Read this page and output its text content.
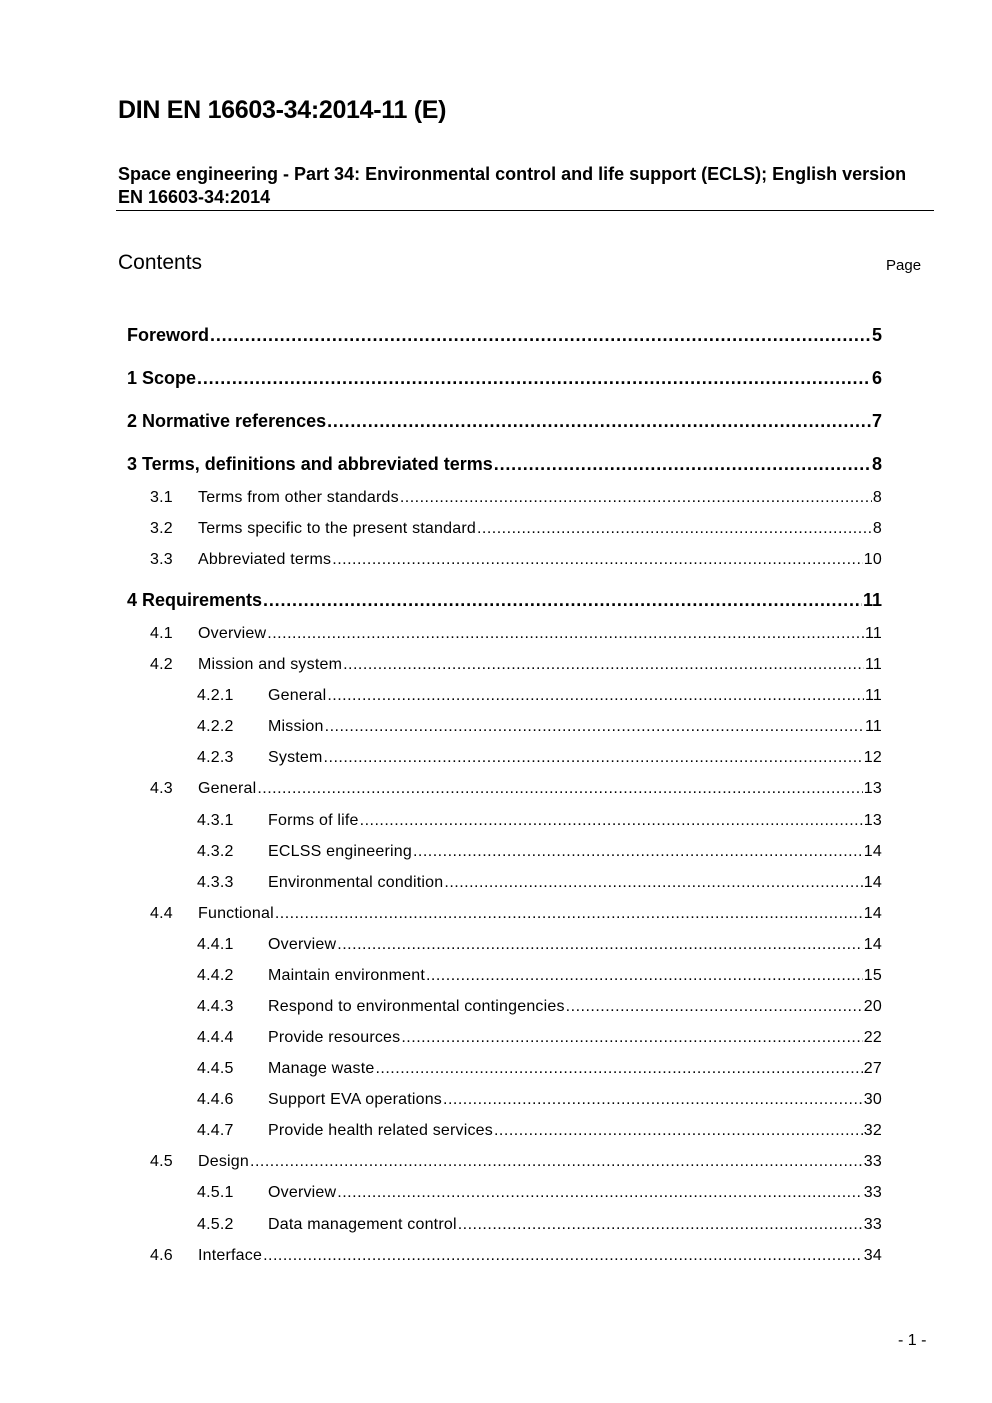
DIN EN 16603-34:2014-11 (E)
Space engineering - Part 34: Environmental control and life support (ECLS); English version EN 16603-34:2014
Contents	Page
Foreword .....	5
1 Scope .....	6
2 Normative references .....	7
3 Terms, definitions and abbreviated terms .....	8
3.1 Terms from other standards .....	8
3.2 Terms specific to the present standard .....	8
3.3 Abbreviated terms .....	10
4 Requirements .....	11
4.1 Overview .....	11
4.2 Mission and system .....	11
4.2.1 General .....	11
4.2.2 Mission .....	11
4.2.3 System .....	12
4.3 General .....	13
4.3.1 Forms of life .....	13
4.3.2 ECLSS engineering .....	14
4.3.3 Environmental condition .....	14
4.4 Functional .....	14
4.4.1 Overview .....	14
4.4.2 Maintain environment .....	15
4.4.3 Respond to environmental contingencies .....	20
4.4.4 Provide resources .....	22
4.4.5 Manage waste .....	27
4.4.6 Support EVA operations .....	30
4.4.7 Provide health related services .....	32
4.5 Design .....	33
4.5.1 Overview .....	33
4.5.2 Data management control .....	33
4.6 Interface .....	34
- 1 -
